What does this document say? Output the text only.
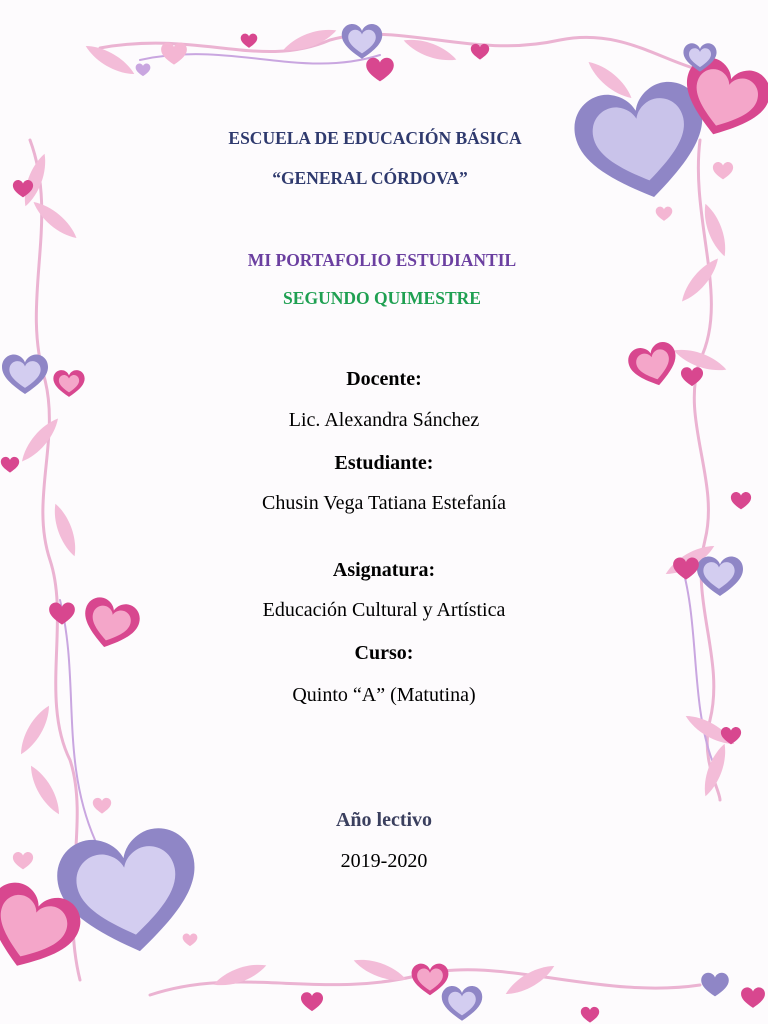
ESCUELA DE EDUCACIÓN BÁSICA

“GENERAL CÓRDOVA”

MI PORTAFOLIO ESTUDIANTIL

SEGUNDO QUIMESTRE

Docente:

Lic. Alexandra Sánchez

Estudiante:

Chusin Vega Tatiana Estefanía

Asignatura:

Educación Cultural y Artística

Curso:

Quinto “A” (Matutina)

Año lectivo

2019-2020
